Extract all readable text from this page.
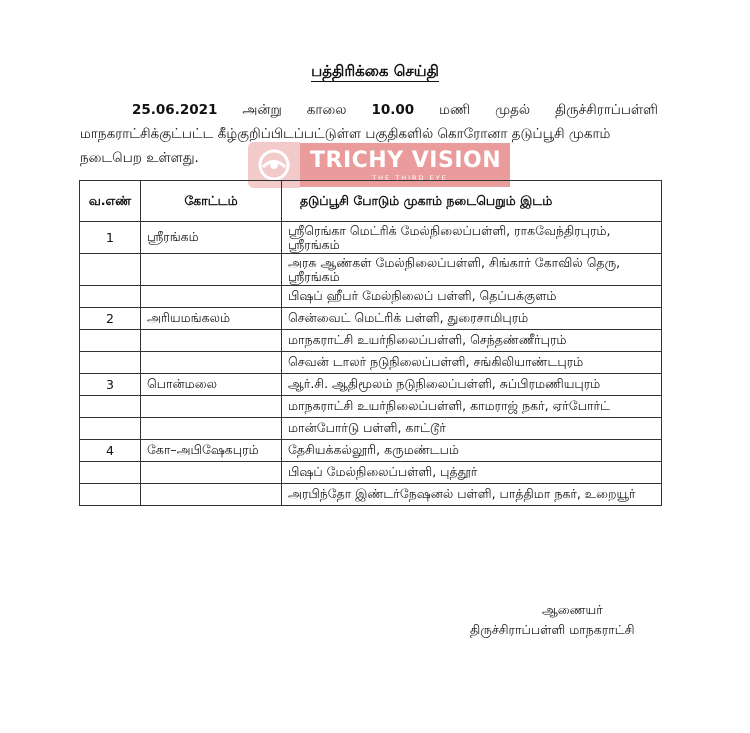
பத்திரிக்கை செய்தி
25.06.2021 அன்று காலை 10.00 மணி முதல் திருச்சிராப்பள்ளி
மாநகராட்சிக்குட்பட்ட கீழ்குறிப்பிடப்பட்டுள்ள பகுதிகளில் கொரோனா தடுப்பூசி முகாம்
நடைபெற உள்ளது.	TRICHY VISION
THE THIRD EYE
வ.எண்	கோட்டம்	தடுப்பூசி போடும் முகாம் நடைபெறும் இடம்
1	ஸ்ரீரங்கம்	ஸ்ரீரெங்கா மெட்ரிக் மேல்நிலைப்பள்ளி, ராகவேந்திரபுரம், ஸ்ரீரங்கம்
		அரசு ஆண்கள் மேல்நிலைப்பள்ளி, சிங்கார் கோவில் தெரு, ஸ்ரீரங்கம்
		பிஷப் ஹீபர் மேல்நிலைப் பள்ளி, தெப்பக்குளம்
2	அரியமங்கலம்	சென்வைட் மெட்ரிக் பள்ளி, துரைசாமிபுரம்
		மாநகராட்சி உயர்நிலைப்பள்ளி, செந்தண்ணீர்புரம்
		செவன் டாலர் நடுநிலைப்பள்ளி, சங்கிலியாண்டபுரம்
3	பொன்மலை	ஆர்.சி. ஆதிமூலம் நடுநிலைப்பள்ளி, சுப்பிரமணியபுரம்
		மாநகராட்சி உயர்நிலைப்பள்ளி, காமராஜ் நகர், ஏர்போர்ட்
		மான்போர்டு பள்ளி, காட்டூர்
4	கோ–அபிஷேகபுரம்	தேசியக்கல்லூரி, கருமண்டபம்
		பிஷப் மேல்நிலைப்பள்ளி, புத்தூர்
		அரபிந்தோ இண்டர்நேஷனல் பள்ளி, பாத்திமா நகர், உறையூர்
ஆணையர்
திருச்சிராப்பள்ளி மாநகராட்சி
